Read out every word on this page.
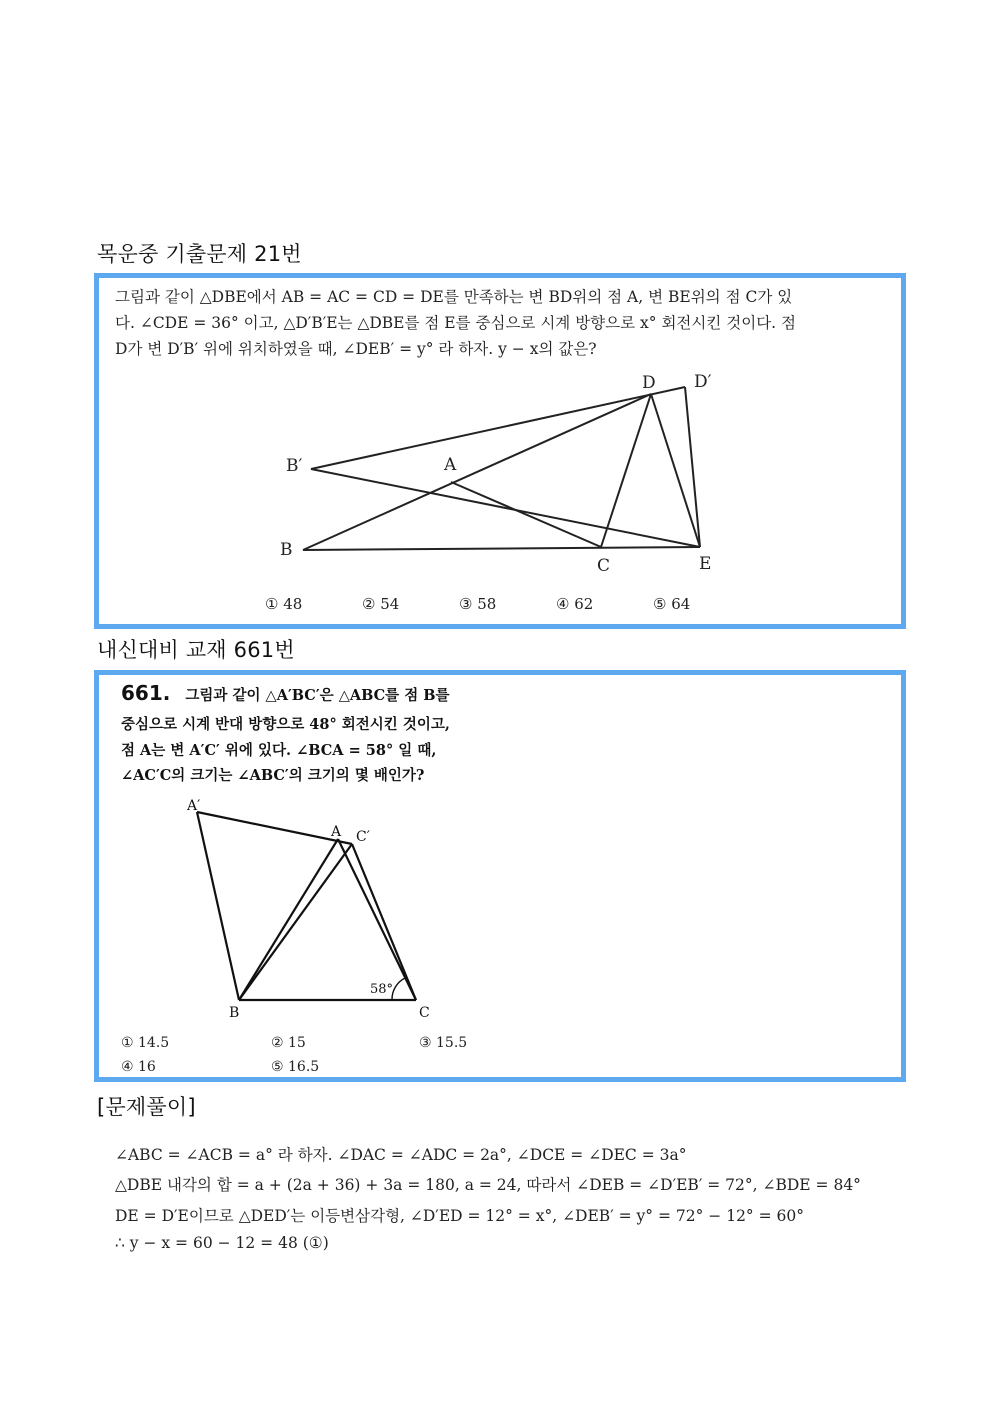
목운중 기출문제 21번
그림과 같이 △DBE에서 AB = AC = CD = DE를 만족하는 변 BD위의 점 A, 변 BE위의 점 C가 있
다. ∠CDE = 36° 이고, △D′B′E는 △DBE를 점 E를 중심으로 시계 방향으로 x° 회전시킨 것이다. 점
D가 변 D′B′ 위에 위치하였을 때, ∠DEB′ = y° 라 하자. y − x의 값은?
B
B′	A
D D′
C	E
① 48	② 54	③ 58	④ 62	⑤ 64
내신대비 교재 661번
661. 그림과 같이 △A′BC′은 △ABC를 점 B를
중심으로 시계 반대 방향으로 48° 회전시킨 것이고,
점 A는 변 A′C′ 위에 있다. ∠BCA = 58° 일 때,
∠AC′C의 크기는 ∠ABC′의 크기의 몇 배인가?
A′
A C′
B	C
58°
① 14.5	② 15	③ 15.5
④ 16	⑤ 16.5
[문제풀이]
∠ABC = ∠ACB = a° 라 하자. ∠DAC = ∠ADC = 2a°, ∠DCE = ∠DEC = 3a°
△DBE 내각의 합 = a + (2a + 36) + 3a = 180, a = 24, 따라서 ∠DEB = ∠D′EB′ = 72°, ∠BDE = 84°
DE = D′E이므로 △DED′는 이등변삼각형, ∠D′ED = 12° = x°, ∠DEB′ = y° = 72° − 12° = 60°
∴ y − x = 60 − 12 = 48 (①)
